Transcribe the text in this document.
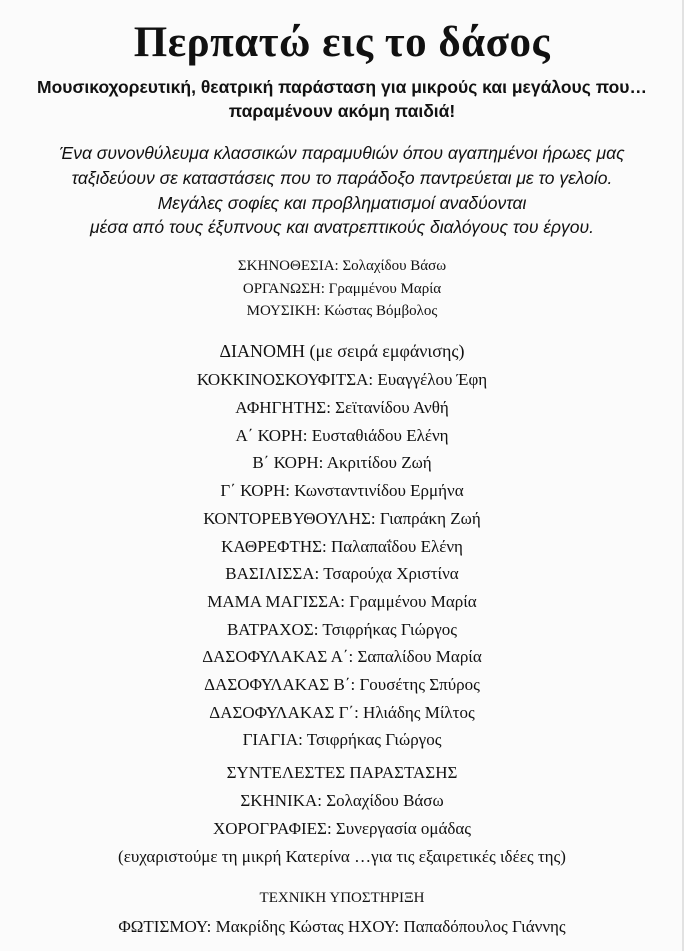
Περπατώ εις το δάσος
Μουσικοχορευτική, θεατρική παράσταση για μικρούς και μεγάλους που…
παραμένουν ακόμη παιδιά!
Ένα συνονθύλευμα κλασσικών παραμυθιών όπου αγαπημένοι ήρωες μας
ταξιδεύουν σε καταστάσεις που το παράδοξο παντρεύεται με το γελοίο.
Μεγάλες σοφίες και προβληματισμοί αναδύονται
μέσα από τους έξυπνους και ανατρεπτικούς διαλόγους του έργου.
ΣΚΗΝΟΘΕΣΙΑ: Σολαχίδου Βάσω
ΟΡΓΑΝΩΣΗ: Γραμμένου Μαρία
ΜΟΥΣΙΚΗ: Κώστας Βόμβολος
ΔΙΑΝΟΜΗ (με σειρά εμφάνισης)
ΚΟΚΚΙΝΟΣΚΟΥΦΙΤΣΑ: Ευαγγέλου Έφη
ΑΦΗΓΗΤΗΣ: Σεϊτανίδου Ανθή
Α΄ ΚΟΡΗ: Ευσταθιάδου Ελένη
Β΄ ΚΟΡΗ: Ακριτίδου Ζωή
Γ΄ ΚΟΡΗ: Κωνσταντινίδου Ερμήνα
ΚΟΝΤΟΡΕΒΥΘΟΥΛΗΣ: Γιαπράκη Ζωή
ΚΑΘΡΕΦΤΗΣ: Παλαπαΐδου Ελένη
ΒΑΣΙΛΙΣΣΑ: Τσαρούχα Χριστίνα
ΜΑΜΑ ΜΑΓΙΣΣΑ: Γραμμένου Μαρία
ΒΑΤΡΑΧΟΣ: Τσιφρήκας Γιώργος
ΔΑΣΟΦΥΛΑΚΑΣ Α΄: Σαπαλίδου Μαρία
ΔΑΣΟΦΥΛΑΚΑΣ Β΄: Γουσέτης Σπύρος
ΔΑΣΟΦΥΛΑΚΑΣ Γ΄: Ηλιάδης Μίλτος
ΓΙΑΓΙΑ: Τσιφρήκας Γιώργος
ΣΥΝΤΕΛΕΣΤΕΣ ΠΑΡΑΣΤΑΣΗΣ
ΣΚΗΝΙΚΑ: Σολαχίδου Βάσω
ΧΟΡΟΓΡΑΦΙΕΣ: Συνεργασία ομάδας
(ευχαριστούμε τη μικρή Κατερίνα …για τις εξαιρετικές ιδέες της)
ΤΕΧΝΙΚΗ ΥΠΟΣΤΗΡΙΞΗ
ΦΩΤΙΣΜΟΥ: Μακρίδης Κώστας ΗΧΟΥ: Παπαδόπουλος Γιάννης
